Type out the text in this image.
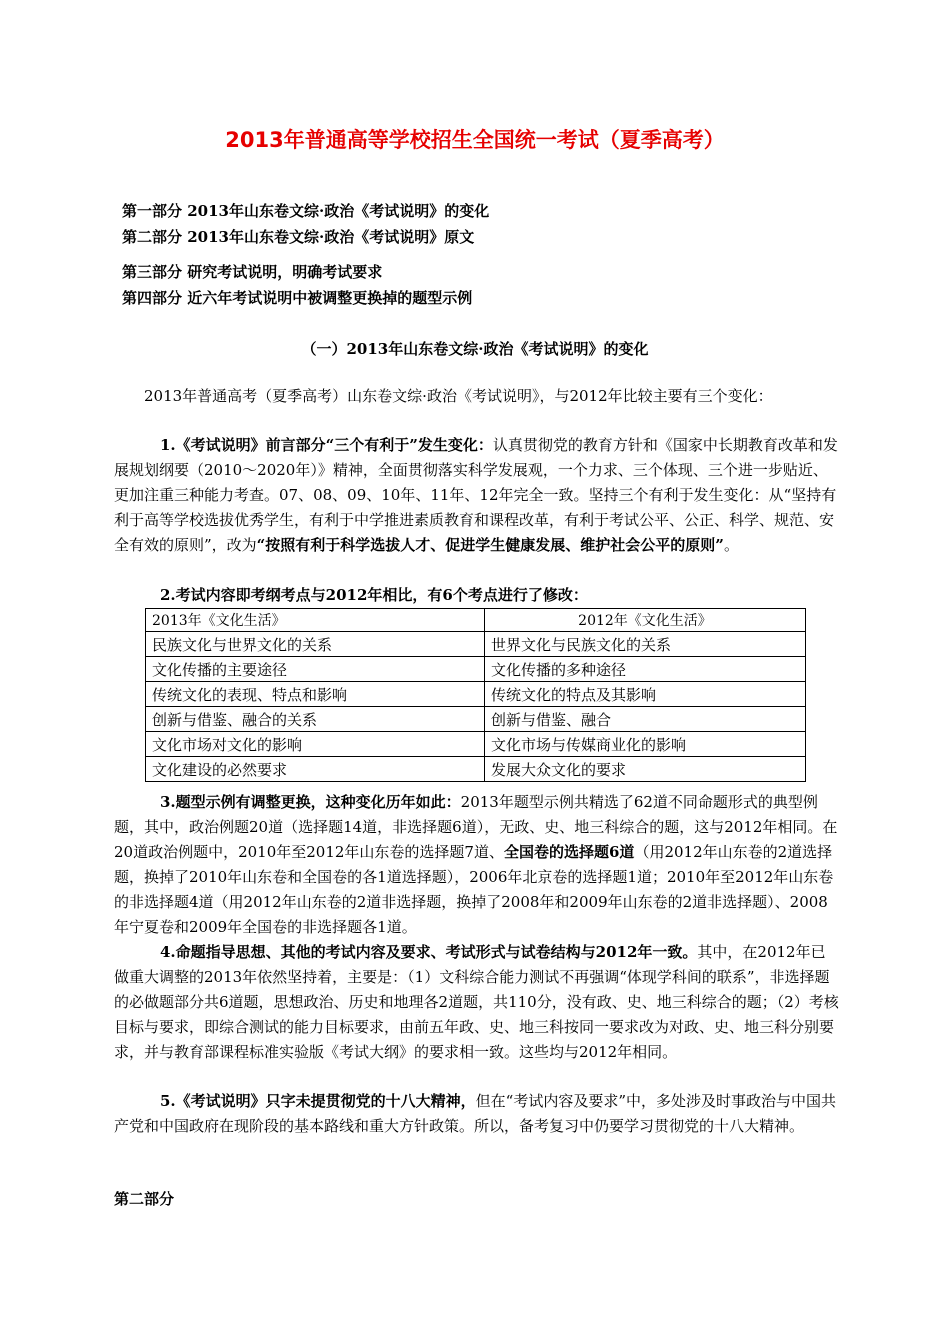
2013年普通高等学校招生全国统一考试（夏季高考）
第一部分 2013年山东卷文综·政治《考试说明》的变化
第二部分 2013年山东卷文综·政治《考试说明》原文
第三部分 研究考试说明，明确考试要求
第四部分 近六年考试说明中被调整更换掉的题型示例
（一）2013年山东卷文综·政治《考试说明》的变化
2013年普通高考（夏季高考）山东卷文综·政治《考试说明》，与2012年比较主要有三个变化：
1.《考试说明》前言部分“三个有利于”发生变化：认真贯彻党的教育方针和《国家中长期教育改革和发展规划纲要（2010～2020年）》精神，全面贯彻落实科学发展观，一个力求、三个体现、三个进一步贴近、更加注重三种能力考查。07、08、09、10年、11年、12年完全一致。坚持三个有利于发生变化：从“坚持有利于高等学校选拔优秀学生，有利于中学推进素质教育和课程改革，有利于考试公平、公正、科学、规范、安全有效的原则”，改为“按照有利于科学选拔人才、促进学生健康发展、维护社会公平的原则”。
2.考试内容即考纲考点与2012年相比，有6个考点进行了修改：
2013年《文化生活》	2012年《文化生活》
民族文化与世界文化的关系	世界文化与民族文化的关系
文化传播的主要途径	文化传播的多种途径
传统文化的表现、特点和影响	传统文化的特点及其影响
创新与借鉴、融合的关系	创新与借鉴、融合
文化市场对文化的影响	文化市场与传媒商业化的影响
文化建设的必然要求	发展大众文化的要求
3.题型示例有调整更换，这种变化历年如此：2013年题型示例共精选了62道不同命题形式的典型例题，其中，政治例题20道（选择题14道，非选择题6道），无政、史、地三科综合的题，这与2012年相同。在20道政治例题中，2010年至2012年山东卷的选择题7道、全国卷的选择题6道（用2012年山东卷的2道选择题，换掉了2010年山东卷和全国卷的各1道选择题），2006年北京卷的选择题1道；2010年至2012年山东卷的非选择题4道（用2012年山东卷的2道非选择题，换掉了2008年和2009年山东卷的2道非选择题）、2008年宁夏卷和2009年全国卷的非选择题各1道。
4.命题指导思想、其他的考试内容及要求、考试形式与试卷结构与2012年一致。其中，在2012年已做重大调整的2013年依然坚持着，主要是：（1）文科综合能力测试不再强调“体现学科间的联系”，非选择题的必做题部分共6道题，思想政治、历史和地理各2道题，共110分，没有政、史、地三科综合的题；（2）考核目标与要求，即综合测试的能力目标要求，由前五年政、史、地三科按同一要求改为对政、史、地三科分别要求，并与教育部课程标准实验版《考试大纲》的要求相一致。这些均与2012年相同。
5.《考试说明》只字未提贯彻党的十八大精神，但在“考试内容及要求”中，多处涉及时事政治与中国共产党和中国政府在现阶段的基本路线和重大方针政策。所以，备考复习中仍要学习贯彻党的十八大精神。
第二部分
